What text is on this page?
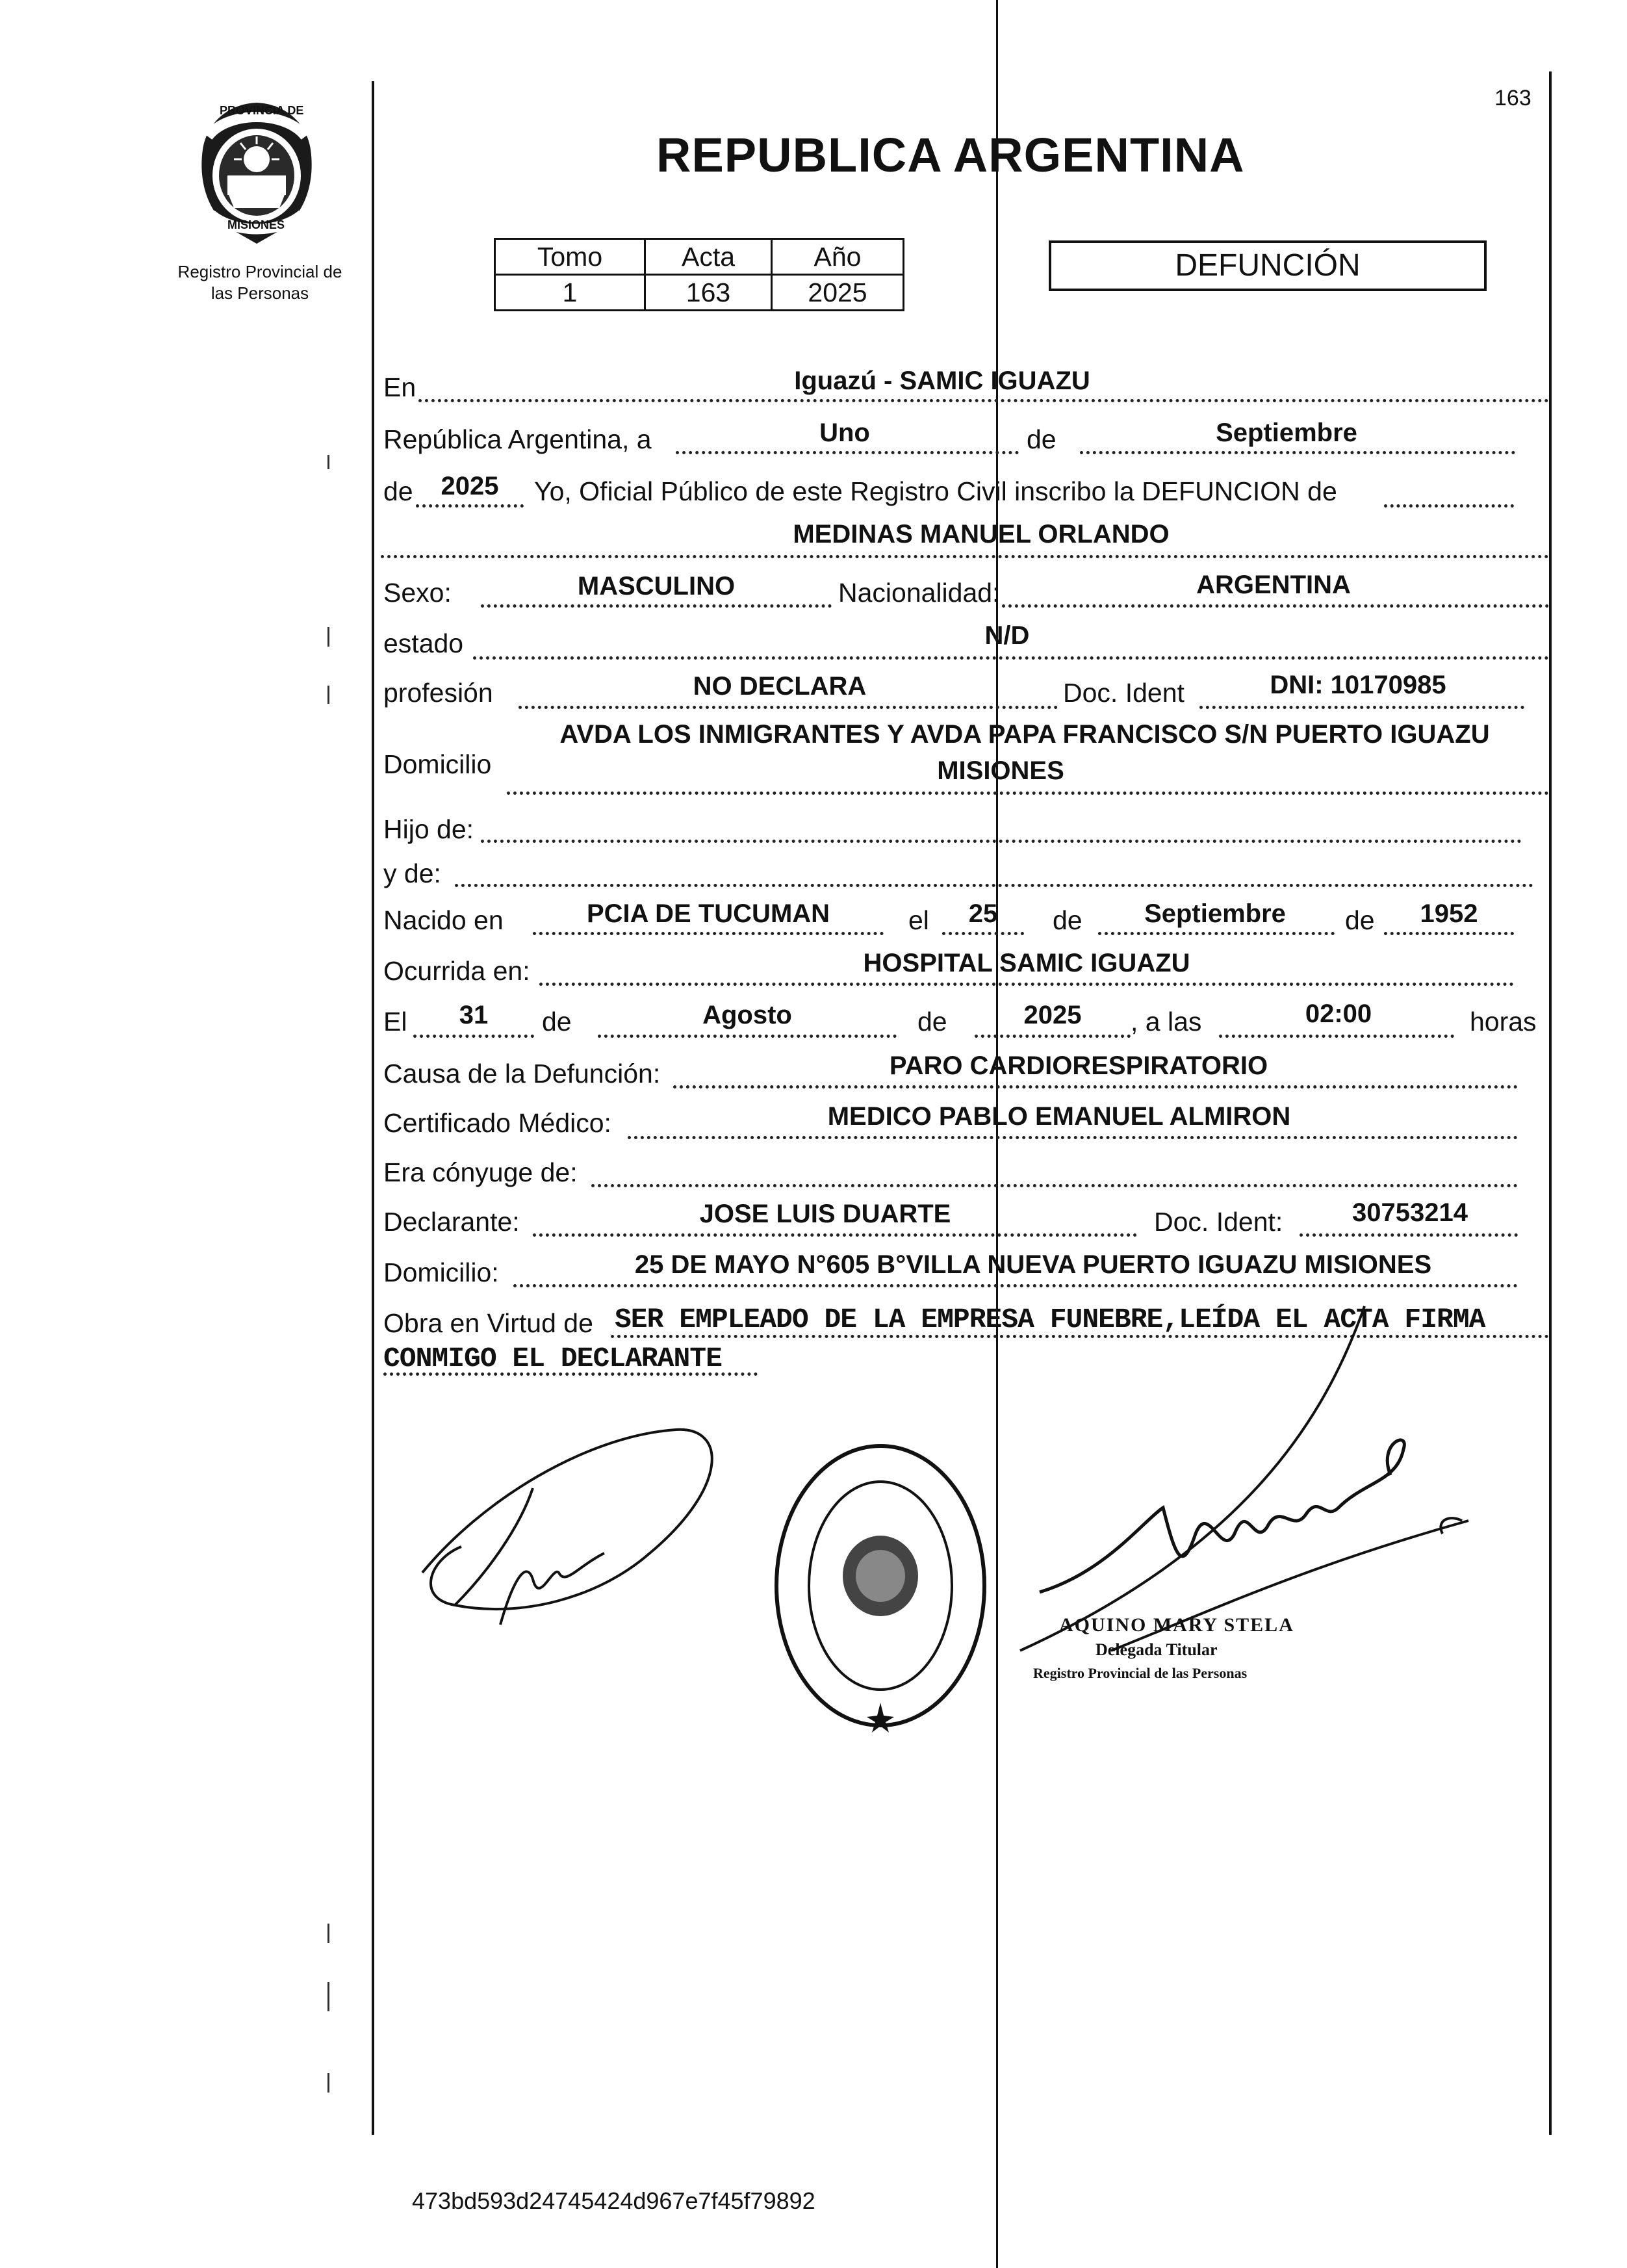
PROVINCIA DE
MISIONES
Registro Provincial de
las Personas
163
REPUBLICA ARGENTINA
Tomo	Acta	Año
1	163	2025
DEFUNCIÓN
En	Iguazú - SAMIC IGUAZU
República Argentina, a	Uno	de	Septiembre
de	2025	Yo, Oficial Público de este Registro Civil inscribo la DEFUNCION de
MEDINAS MANUEL ORLANDO
Sexo:	MASCULINO	Nacionalidad:	ARGENTINA
estado	N/D
profesión	NO DECLARA	Doc. Ident	DNI: 10170985
Domicilio
AVDA LOS INMIGRANTES Y AVDA PAPA FRANCISCO S/N PUERTO IGUAZU
MISIONES
Hijo de:
y de:
Nacido en	PCIA DE TUCUMAN	el	25	de	Septiembre	de	1952
Ocurrida en:	HOSPITAL SAMIC IGUAZU
El	31	de	Agosto	de	2025	, a las	02:00	horas
Causa de la Defunción:	PARO CARDIORESPIRATORIO
Certificado Médico:	MEDICO PABLO EMANUEL ALMIRON
Era cónyuge de:
Declarante:	JOSE LUIS DUARTE	Doc. Ident:	30753214
Domicilio:	25 DE MAYO N°605 B°VILLA NUEVA PUERTO IGUAZU MISIONES
Obra en Virtud de SER EMPLEADO DE LA EMPRESA FUNEBRE,LEÍDA EL ACTA FIRMA
CONMIGO EL DECLARANTE
AQUINO MARY STELA
Delegada Titular
Registro Provincial de las Personas
473bd593d24745424d967e7f45f79892
